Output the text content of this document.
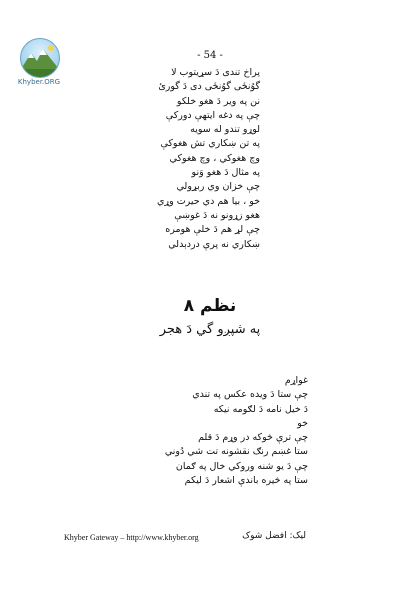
Khyber.ORG
- 54 -
پراخ تندی دَ سړیتوب لا
گوُنځی گوُنځی دی دَ گورئ
نن په ویر دَ هغو خلکو
چې په دغه ایتهې دورکې
لوړو تندو له سویه
په تن ښکاري تش هغوکې
وچ هغوکي ، وچ هغوکي
په مثال دَ هغو وَنو
چې خزان وي ربړولي
خو ، بیا هم دي حیرت وړي
هغو زړونو نه دَ غوښې
چې لړ هم دَ خلې هومره
ښکاري نه پرې دردېدلي
نظم ۸
په شپږو گي دَ هجر
غواړم
چې ستا دَ ویده عکس په تندي
دَ خیل نامه دَ لګومه نیکه
خو
چې ترې څوکه در وړم دَ قلم
ستا غښم رنګ نقشونه تت شي دُوني
چې دَ یو شنه وروکي خال په ګمان
ستا په څیره باندې اشعار دَ لیکم
Khyber Gateway – http://www.khyber.org	لیک: افضل شوک
